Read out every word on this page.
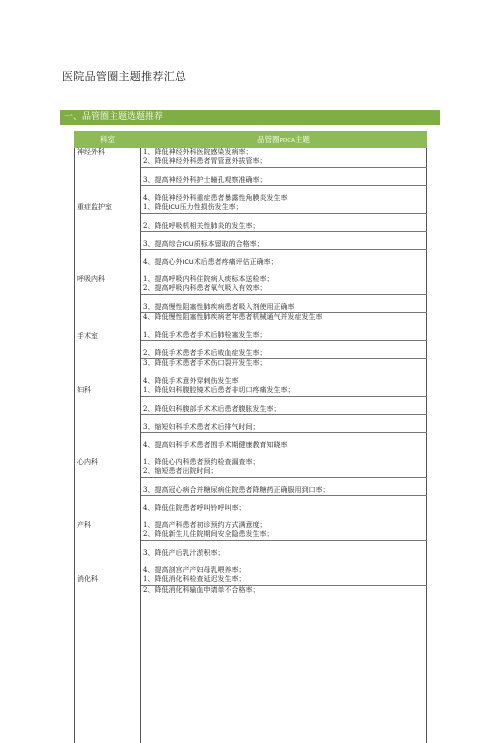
医院品管圈主题推荐汇总
一、品管圈主题选题推荐
科室	品管圈PDCA主题
神经外科	1、降低神经外科医院感染发病率；
	2、降低神经外科患者胃管意外拔管率；
	3、提高神经外科护士瞳孔观察准确率；
	4、降低神经外科重症患者暴露性角膜炎发生率
重症监护室	1、降低ICU压力性损伤发生率；
	2、降低呼吸机相关性肺炎的发生率；
	3、提高综合ICU质标本留取的合格率；
	4、提高心外ICU术后患者疼痛评估正确率；
呼吸内科	1、提高呼吸内科住院病人痰标本送检率；
	2、提高呼吸内科患者氧气吸入有效率；
	3、提高慢性阻塞性肺疾病患者吸入剂使用正确率
	4、降低慢性阻塞性肺疾病老年患者机械通气并发症发生率
手术室	1、降低手术患者手术后肺栓塞发生率；
	2、降低手术患者手术后败血症发生率；
	3、降低手术患者手术伤口裂开发生率；
	4、降低手术意外穿刺伤发生率
妇科	1、降低妇科腹腔镜术后患者非切口疼痛发生率；
	2、降低妇科腹部手术术后患者腹胀发生率；
	3、缩短妇科手术患者术后排气时间；
	4、提高妇科手术患者围手术期健康教育知晓率
心内科	1、降低心内科患者预约检查漏查率；
	2、缩短患者出院时间；
	3、提高冠心病合并糖尿病住院患者降糖药正确服用到口率；
	4、降低住院患者呼叫铃呼叫率；
产科	1、提高产科患者初诊预约方式满意度；
	2、降低新生儿住院期间安全隐患发生率；
	3、降低产后乳汁淤积率；
	4、提高剖宫产产妇母乳喂养率；
消化科	1、降低消化科检查延迟发生率；
	2、降低消化科输血申请单不合格率；
